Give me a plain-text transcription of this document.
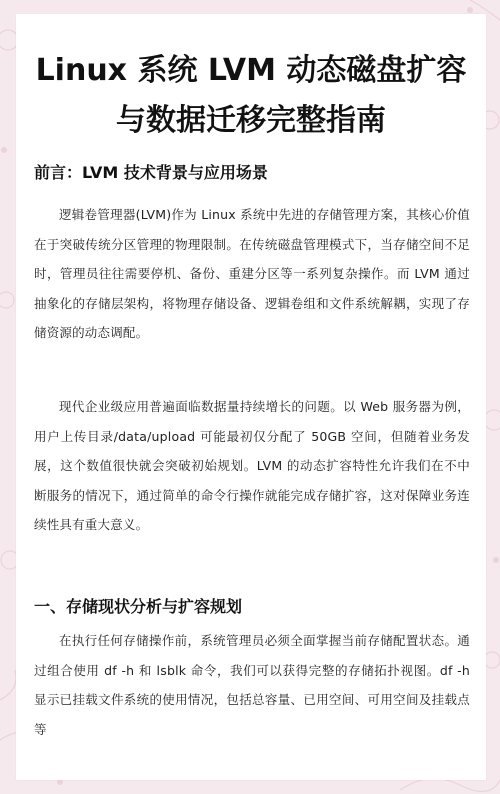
Linux 系统 LVM 动态磁盘扩容
与数据迁移完整指南
前言：LVM 技术背景与应用场景

逻辑卷管理器(LVM)作为 Linux 系统中先进的存储管理方案，其核心价值在于突破传统分区管理的物理限制。在传统磁盘管理模式下，当存储空间不足时，管理员往往需要停机、备份、重建分区等一系列复杂操作。而 LVM 通过抽象化的存储层架构，将物理存储设备、逻辑卷组和文件系统解耦，实现了存储资源的动态调配。

现代企业级应用普遍面临数据量持续增长的问题。以 Web 服务器为例，用户上传目录/data/upload 可能最初仅分配了 50GB 空间，但随着业务发展，这个数值很快就会突破初始规划。LVM 的动态扩容特性允许我们在不中断服务的情况下，通过简单的命令行操作就能完成存储扩容，这对保障业务连续性具有重大意义。

一、存储现状分析与扩容规划

在执行任何存储操作前，系统管理员必须全面掌握当前存储配置状态。通过组合使用 df -h 和 lsblk 命令，我们可以获得完整的存储拓扑视图。df -h 显示已挂载文件系统的使用情况，包括总容量、已用空间、可用空间及挂载点等
